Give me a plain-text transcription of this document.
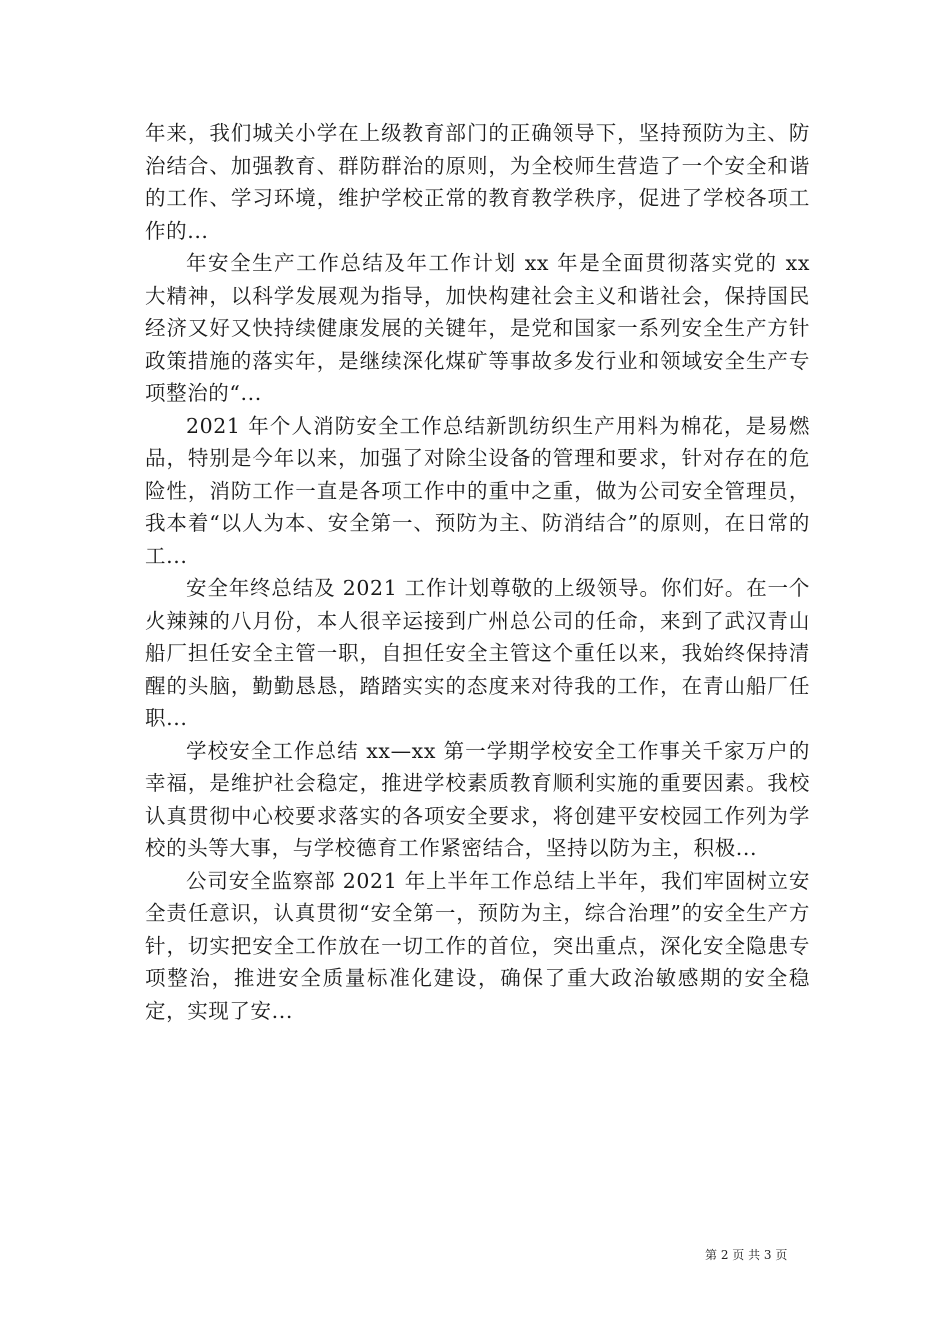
年来，我们城关小学在上级教育部门的正确领导下，坚持预防为主、防治结合、加强教育、群防群治的原则，为全校师生营造了一个安全和谐的工作、学习环境，维护学校正常的教育教学秩序，促进了学校各项工作的...

年安全生产工作总结及年工作计划 xx 年是全面贯彻落实党的 xx 大精神，以科学发展观为指导，加快构建社会主义和谐社会，保持国民经济又好又快持续健康发展的关键年，是党和国家一系列安全生产方针政策措施的落实年，是继续深化煤矿等事故多发行业和领域安全生产专项整治的“...

2021 年个人消防安全工作总结新凯纺织生产用料为棉花，是易燃品，特别是今年以来，加强了对除尘设备的管理和要求，针对存在的危险性，消防工作一直是各项工作中的重中之重，做为公司安全管理员，我本着“以人为本、安全第一、预防为主、防消结合”的原则，在日常的工...

安全年终总结及 2021 工作计划尊敬的上级领导。你们好。在一个火辣辣的八月份，本人很辛运接到广州总公司的任命，来到了武汉青山船厂担任安全主管一职，自担任安全主管这个重任以来，我始终保持清醒的头脑，勤勤恳恳，踏踏实实的态度来对待我的工作，在青山船厂任职...

学校安全工作总结 xx—xx 第一学期学校安全工作事关千家万户的幸福，是维护社会稳定，推进学校素质教育顺利实施的重要因素。我校认真贯彻中心校要求落实的各项安全要求，将创建平安校园工作列为学校的头等大事，与学校德育工作紧密结合，坚持以防为主，积极...

公司安全监察部 2021 年上半年工作总结上半年，我们牢固树立安全责任意识，认真贯彻“安全第一，预防为主，综合治理”的安全生产方针，切实把安全工作放在一切工作的首位，突出重点，深化安全隐患专项整治，推进安全质量标准化建设，确保了重大政治敏感期的安全稳定，实现了安...

第 2 页 共 3 页
